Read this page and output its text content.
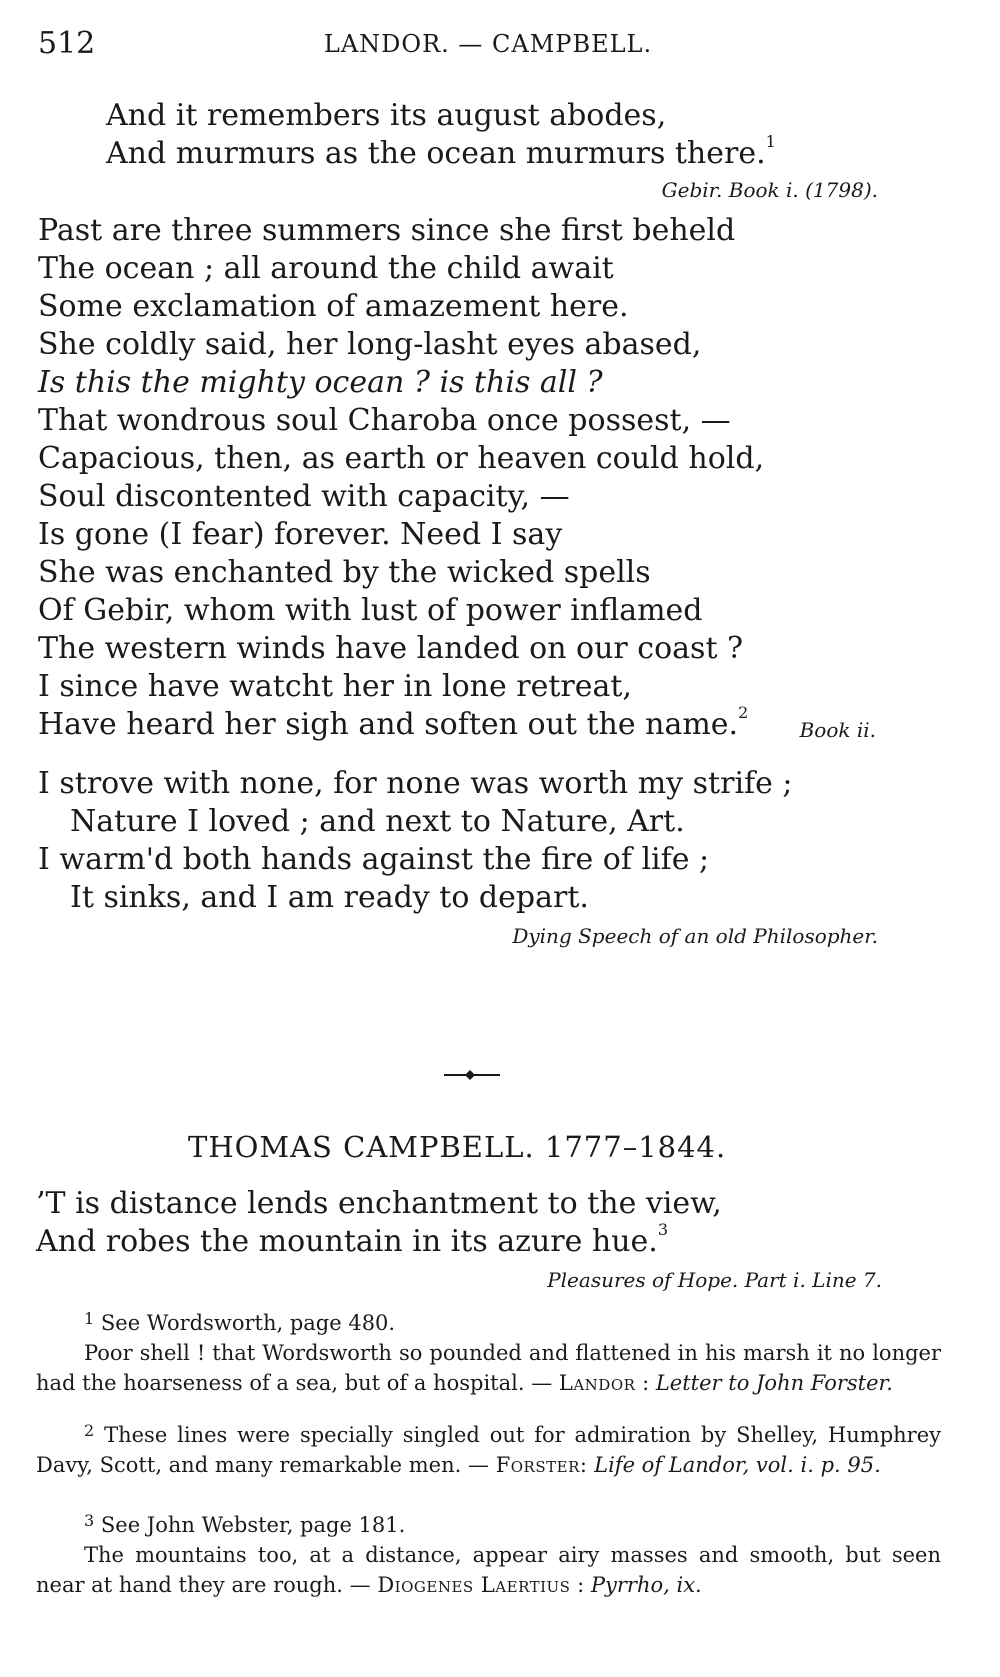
512	LANDOR. — CAMPBELL.
And it remembers its august abodes,
And murmurs as the ocean murmurs there.$^1$
Gebir. Book i. (1798).
Past are three summers since she first beheld
The ocean ; all around the child await
Some exclamation of amazement here.
She coldly said, her long-lasht eyes abased,
Is this the mighty ocean ? is this all ?
That wondrous soul Charoba once possest, —
Capacious, then, as earth or heaven could hold,
Soul discontented with capacity, —
Is gone (I fear) forever. Need I say
She was enchanted by the wicked spells
Of Gebir, whom with lust of power inflamed
The western winds have landed on our coast ?
I since have watcht her in lone retreat,
Have heard her sigh and soften out the name.$^2$
Book ii.
I strove with none, for none was worth my strife ;
Nature I loved ; and next to Nature, Art.
I warm'd both hands against the fire of life ;
It sinks, and I am ready to depart.
Dying Speech of an old Philosopher.
THOMAS CAMPBELL. 1777–1844.
’T is distance lends enchantment to the view,
And robes the mountain in its azure hue.$^3$
Pleasures of Hope. Part i. Line 7.
$^1$ See Wordsworth, page 480.
Poor shell ! that Wordsworth so pounded and flattened in his marsh it no longer had the hoarseness of a sea, but of a hospital. — Landor : Letter to John Forster.
$^2$ These lines were specially singled out for admiration by Shelley, Humphrey Davy, Scott, and many remarkable men. — Forster: Life of Landor, vol. i. p. 95.
$^3$ See John Webster, page 181.
The mountains too, at a distance, appear airy masses and smooth, but seen near at hand they are rough. — Diogenes Laertius : Pyrrho, ix.
